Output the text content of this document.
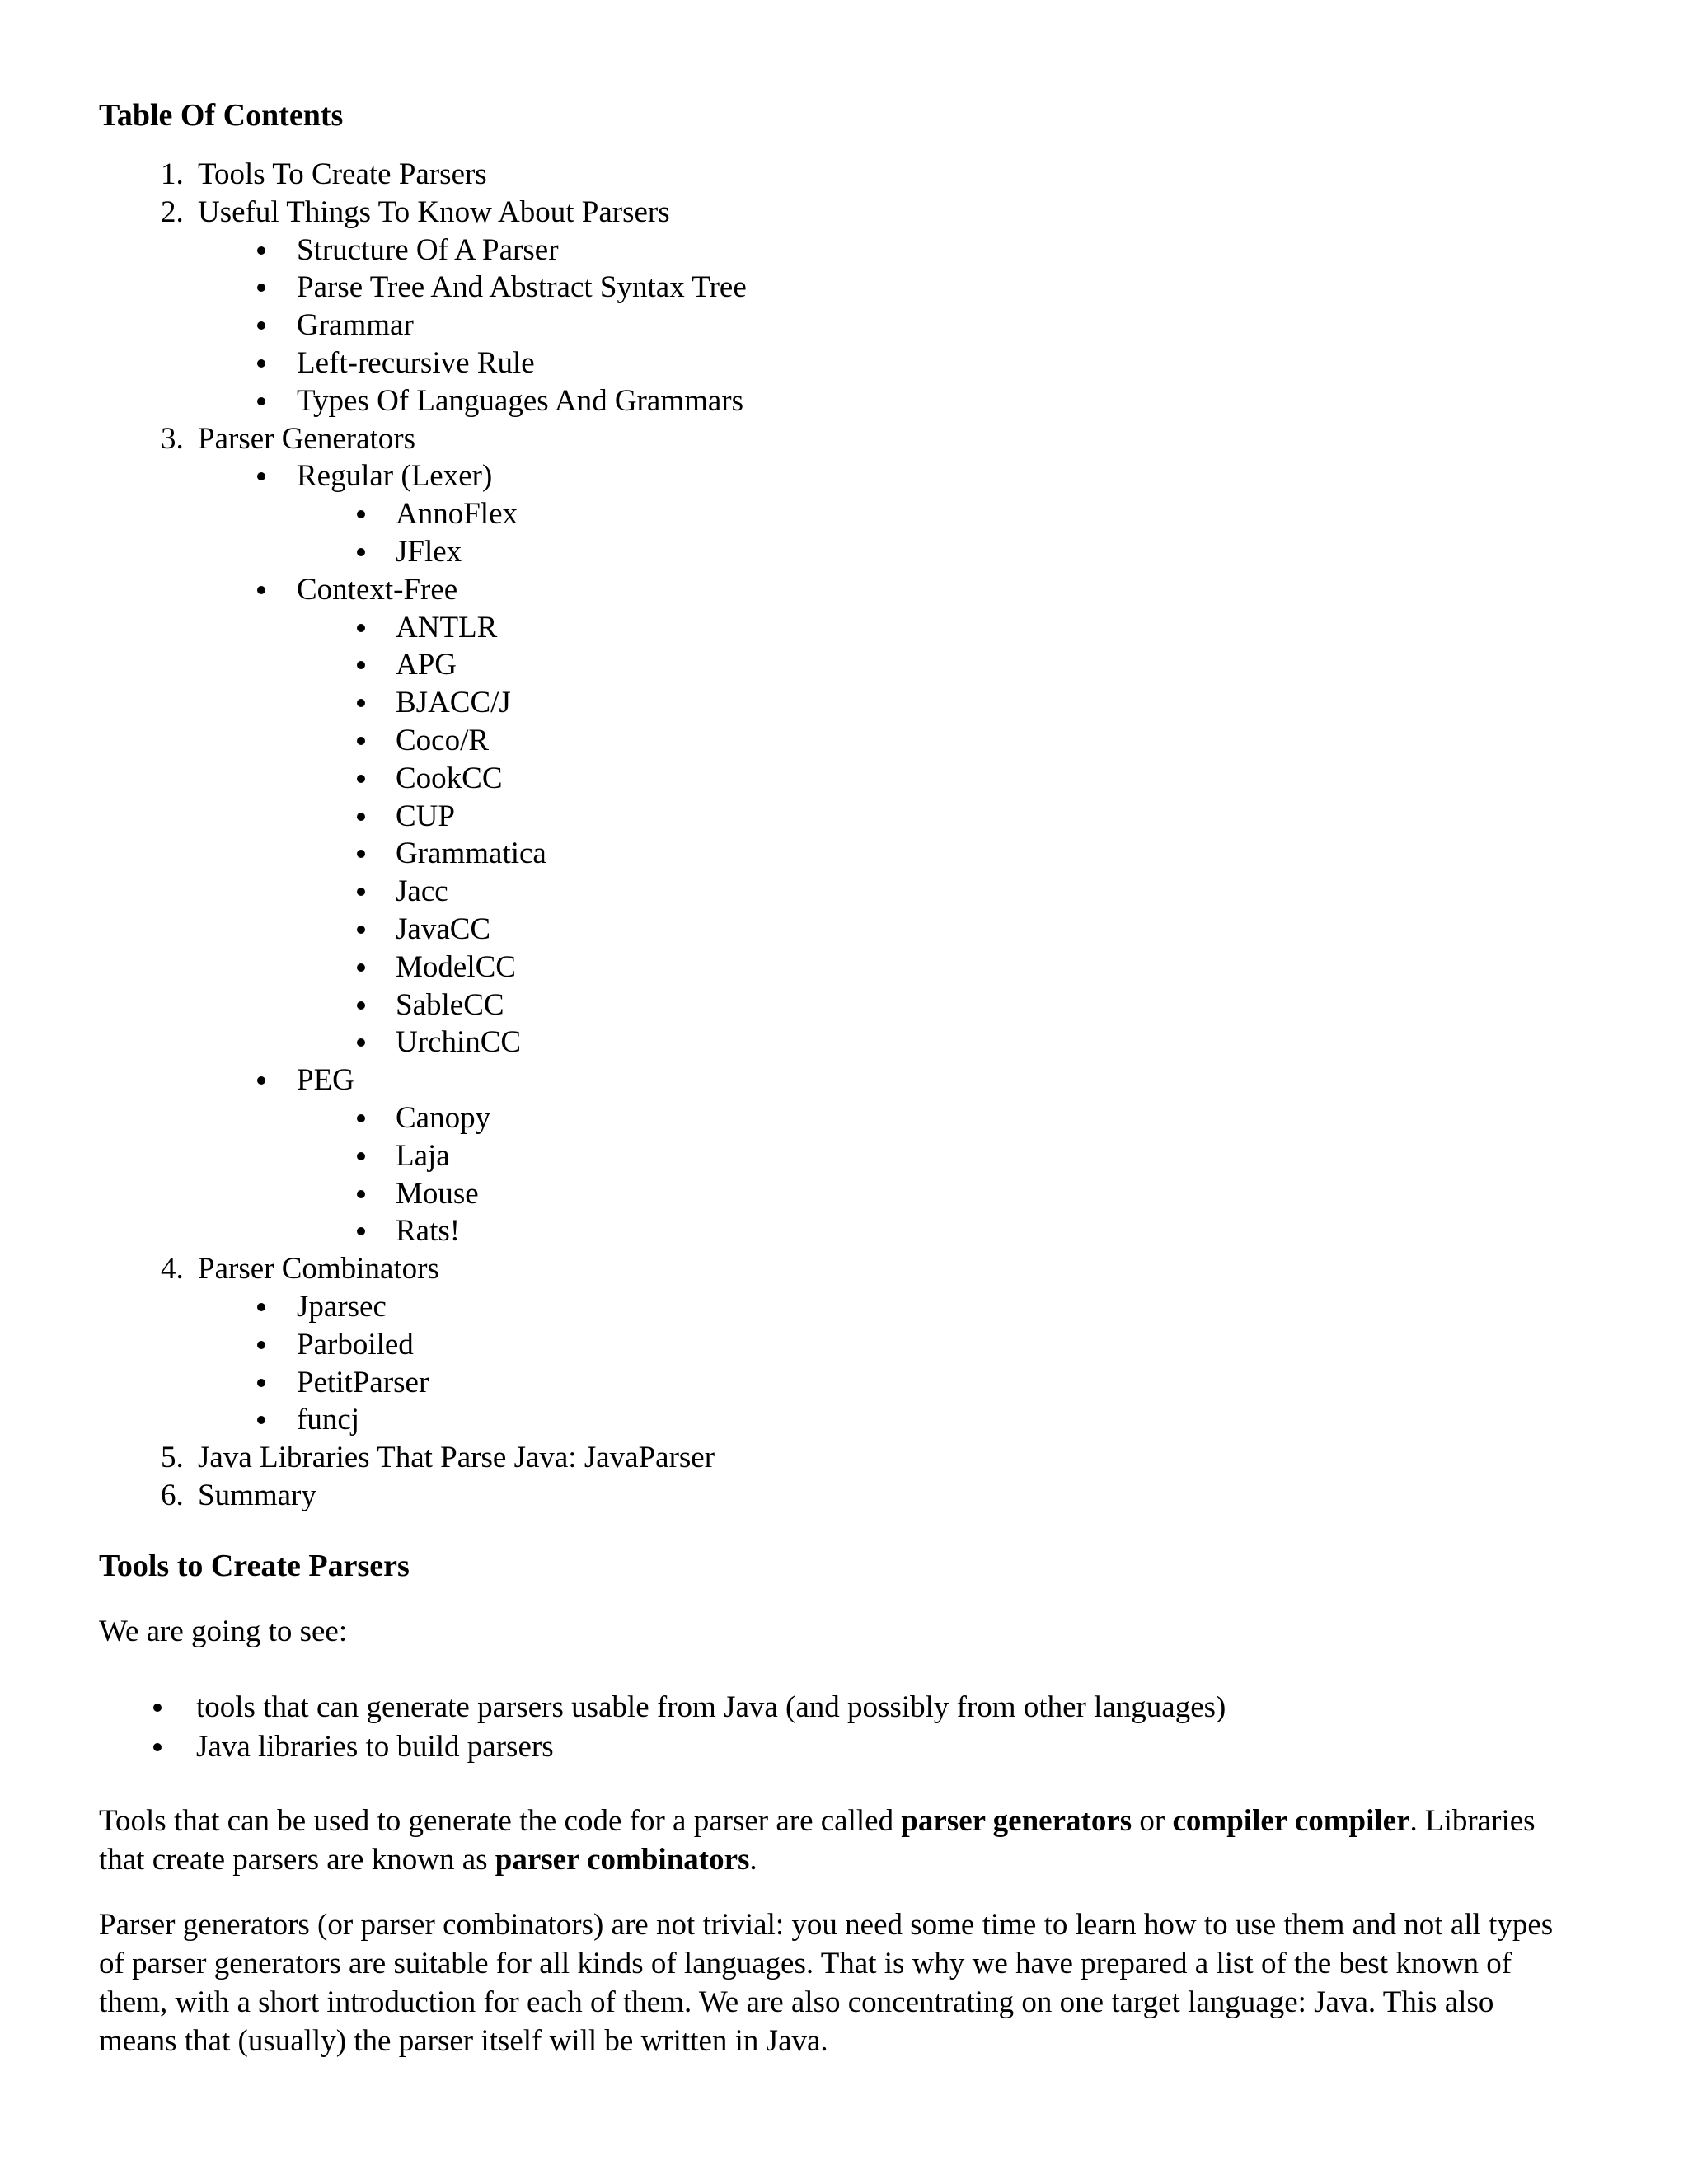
Table Of Contents
1. Tools To Create Parsers
2. Useful Things To Know About Parsers
Structure Of A Parser
Parse Tree And Abstract Syntax Tree
Grammar
Left-recursive Rule
Types Of Languages And Grammars
3. Parser Generators
Regular (Lexer)
AnnoFlex
JFlex
Context-Free
ANTLR
APG
BJACC/J
Coco/R
CookCC
CUP
Grammatica
Jacc
JavaCC
ModelCC
SableCC
UrchinCC
PEG
Canopy
Laja
Mouse
Rats!
4. Parser Combinators
Jparsec
Parboiled
PetitParser
funcj
5. Java Libraries That Parse Java: JavaParser
6. Summary
Tools to Create Parsers

We are going to see:

tools that can generate parsers usable from Java (and possibly from other languages)
Java libraries to build parsers

Tools that can be used to generate the code for a parser are called parser generators or compiler compiler. Libraries that create parsers are known as parser combinators.

Parser generators (or parser combinators) are not trivial: you need some time to learn how to use them and not all types of parser generators are suitable for all kinds of languages. That is why we have prepared a list of the best known of them, with a short introduction for each of them. We are also concentrating on one target language: Java. This also means that (usually) the parser itself will be written in Java.
